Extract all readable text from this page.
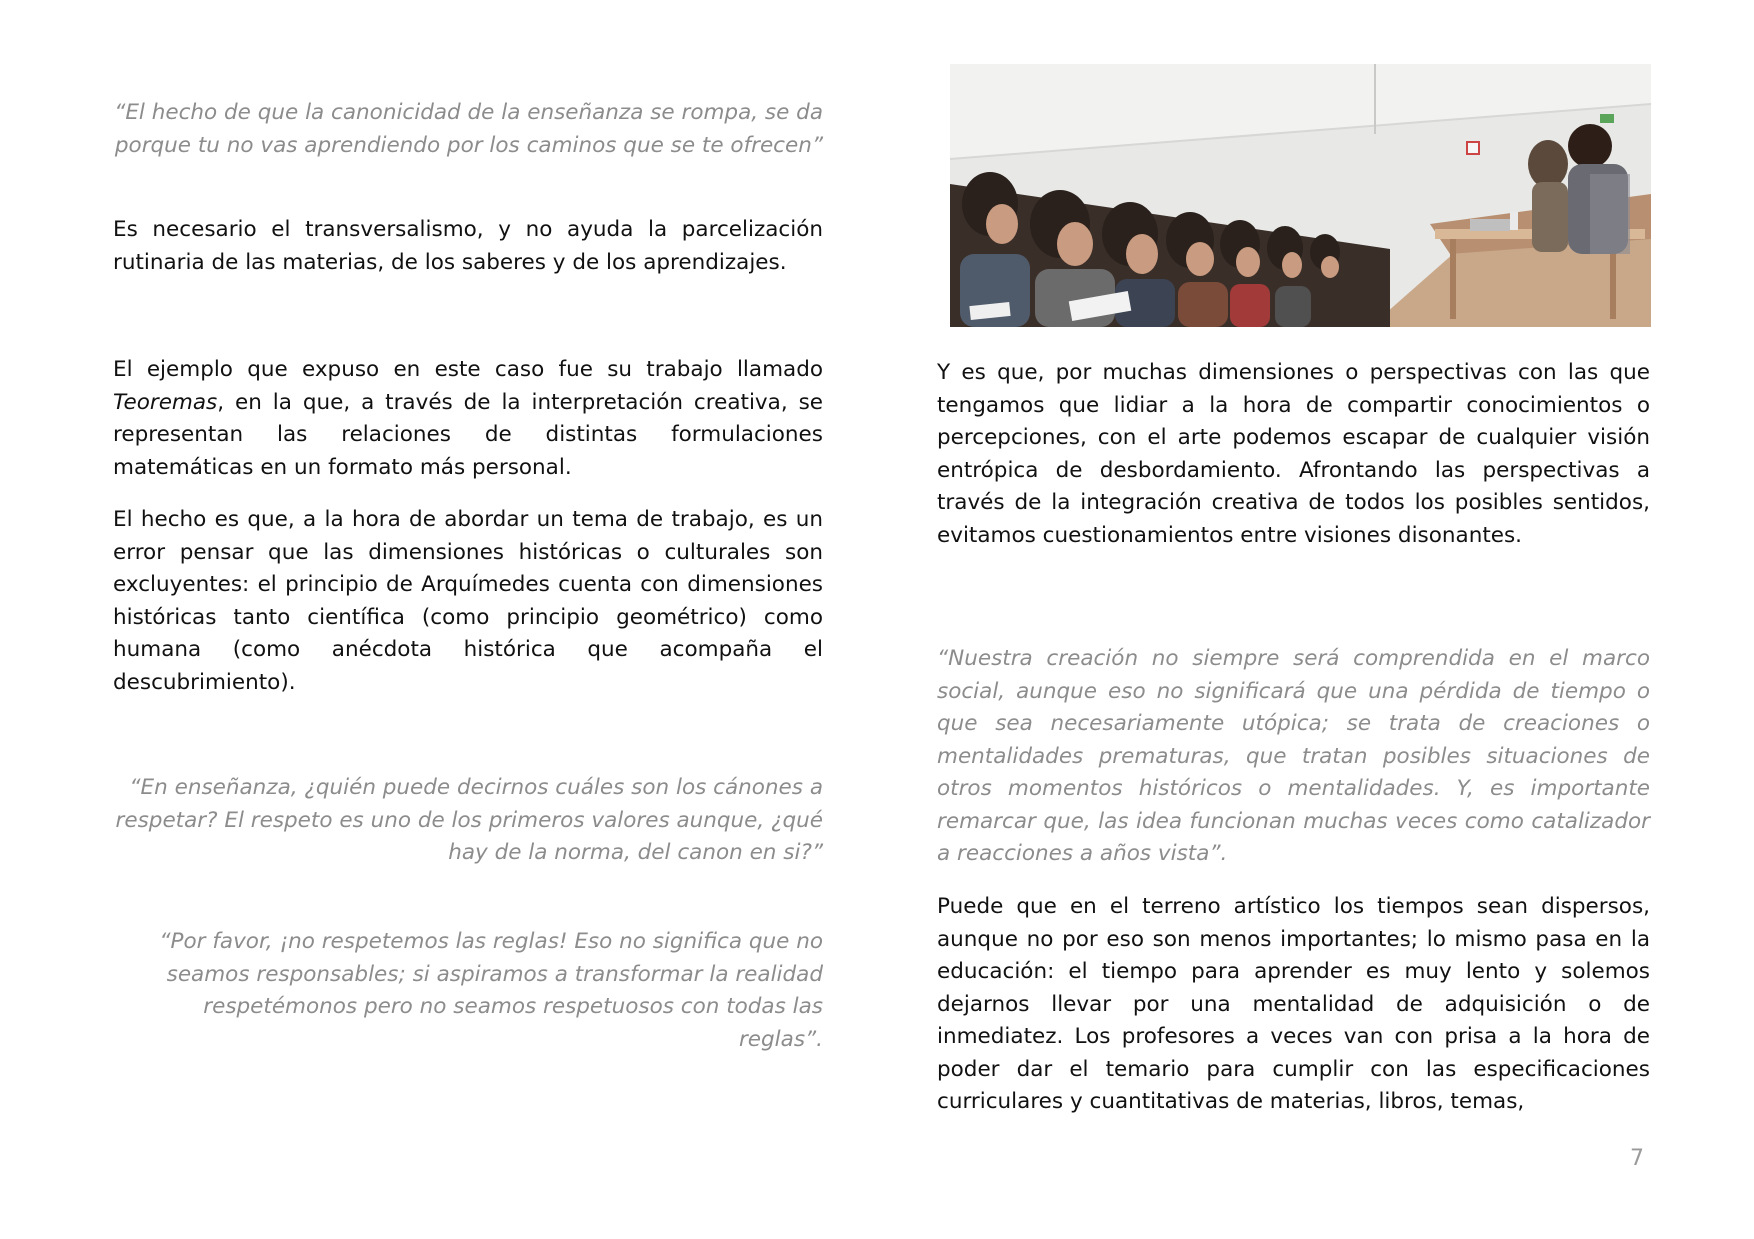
“El hecho de que la canonicidad de la enseñanza se rompa, se da porque tu no vas aprendiendo por los caminos que se te ofrecen”

Es necesario el transversalismo, y no ayuda la parcelización rutinaria de las materias, de los saberes y de los aprendizajes.

El ejemplo que expuso en este caso fue su trabajo llamado Teoremas, en la que, a través de la interpretación creativa, se representan las relaciones de distintas formulaciones matemáticas en un formato más personal.

El hecho es que, a la hora de abordar un tema de trabajo, es un error pensar que las dimensiones históricas o culturales son excluyentes: el principio de Arquímedes cuenta con dimensiones históricas tanto científica (como principio geométrico) como humana (como anécdota histórica que acompaña el descubrimiento).

“En enseñanza, ¿quién puede decirnos cuáles son los cánones a respetar? El respeto es uno de los primeros valores aunque, ¿qué hay de la norma, del canon en si?”

“Por favor, ¡no respetemos las reglas! Eso no significa que no seamos responsables; si aspiramos a transformar la realidad respetémonos pero no seamos respetuosos con todas las reglas”.

Y es que, por muchas dimensiones o perspectivas con las que tengamos que lidiar a la hora de compartir conocimientos o percepciones, con el arte podemos escapar de cualquier visión entrópica de desbordamiento. Afrontando las perspectivas a través de la integración creativa de todos los posibles sentidos, evitamos cuestionamientos entre visiones disonantes.

“Nuestra creación no siempre será comprendida en el marco social, aunque eso no significará que una pérdida de tiempo o que sea necesariamente utópica; se trata de creaciones o mentalidades prematuras, que tratan posibles situaciones de otros momentos históricos o mentalidades. Y, es importante remarcar que, las idea funcionan muchas veces como catalizador a reacciones a años vista”.

Puede que en el terreno artístico los tiempos sean dispersos, aunque no por eso son menos importantes; lo mismo pasa en la educación: el tiempo para aprender es muy lento y solemos dejarnos llevar por una mentalidad de adquisición o de inmediatez. Los profesores a veces van con prisa a la hora de poder dar el temario para cumplir con las especificaciones curriculares y cuantitativas de materias, libros, temas,

7
